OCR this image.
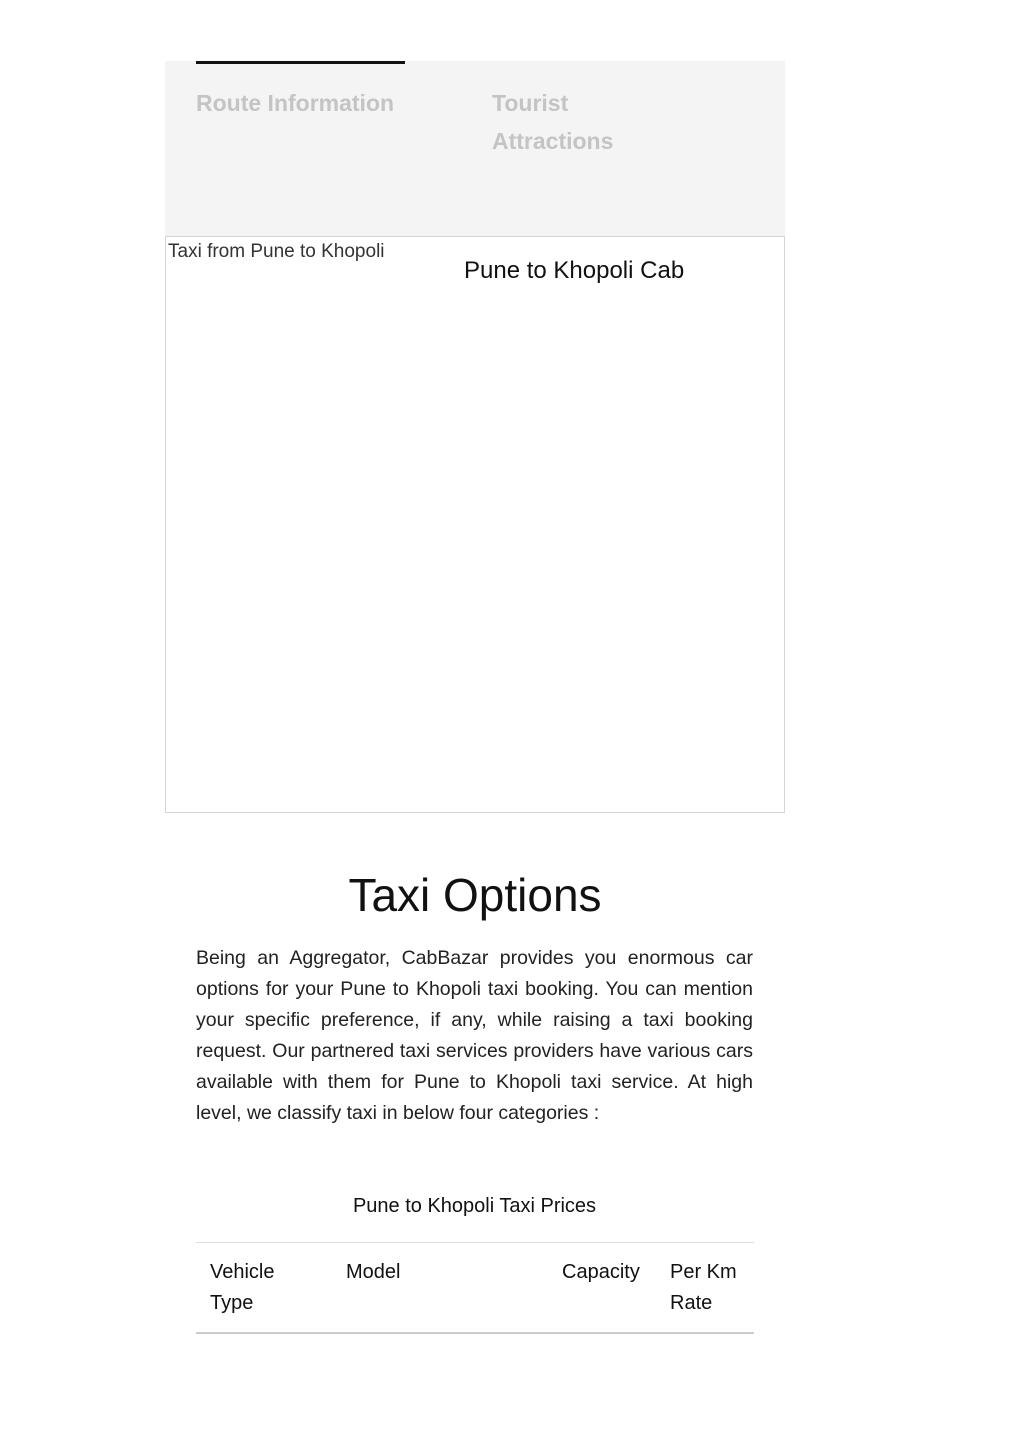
Route Information	Tourist Attractions
Taxi from Pune to Khopoli
Pune to Khopoli Cab
Taxi Options

Being an Aggregator, CabBazar provides you enormous car options for your Pune to Khopoli taxi booking. You can mention your specific preference, if any, while raising a taxi booking request. Our partnered taxi services providers have various cars available with them for Pune to Khopoli taxi service. At high level, we classify taxi in below four categories :

Pune to Khopoli Taxi Prices
Vehicle Type	Model	Capacity	Per Km Rate
